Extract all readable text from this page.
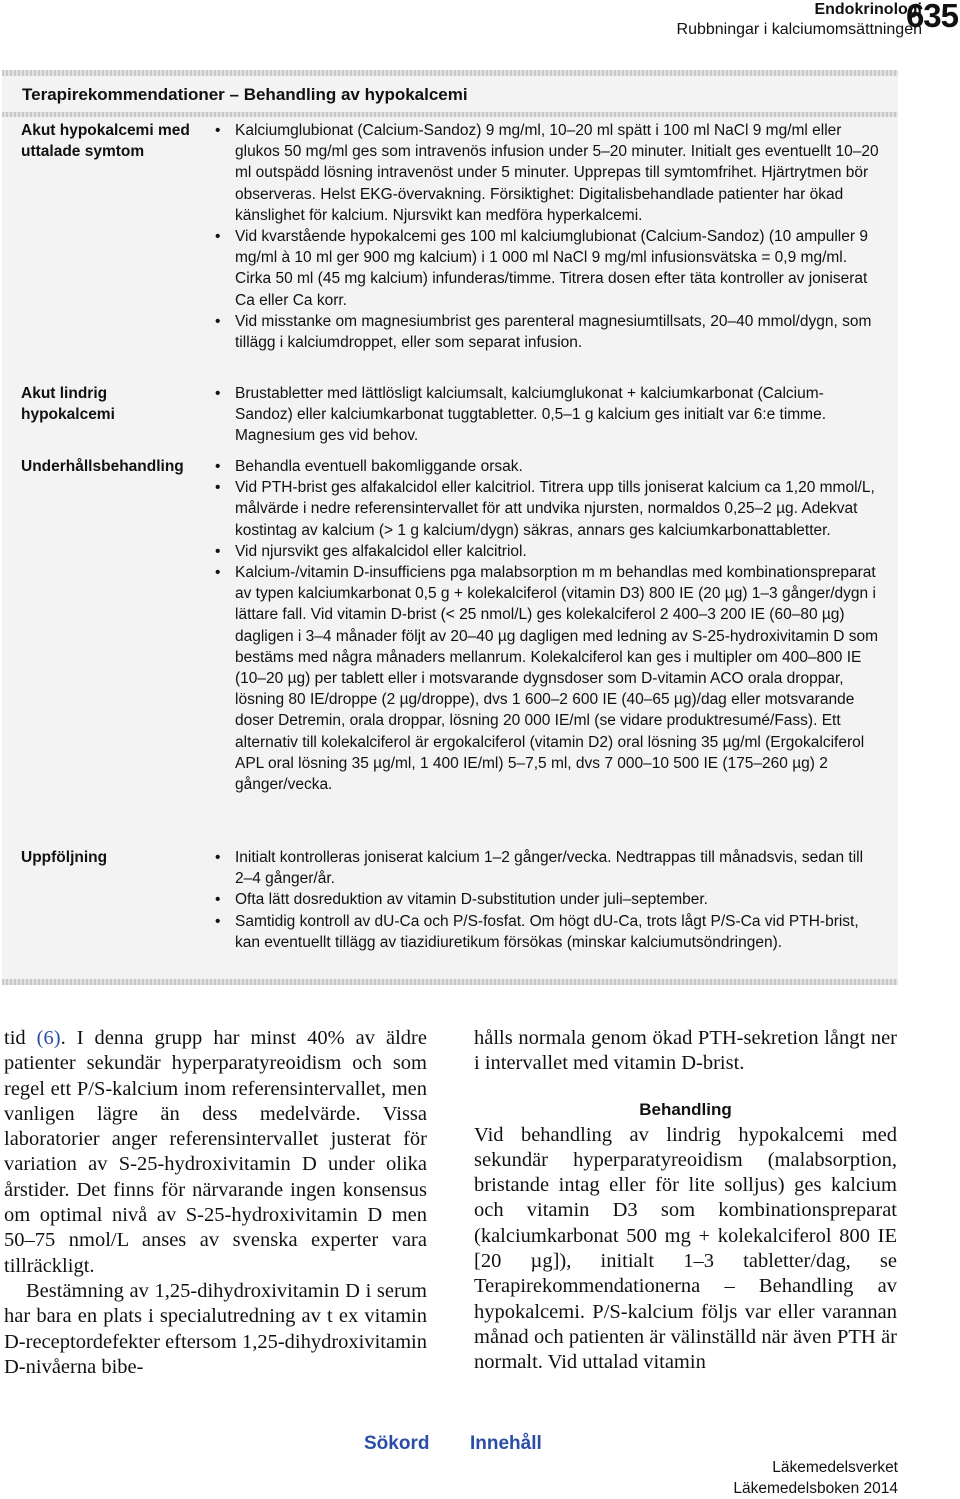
Endokrinologi
Rubbningar i kalciumomsättningen
635
Terapirekommendationer – Behandling av hypokalcemi
Akut hypokalcemi med uttalade symtom

• Kalciumglubionat (Calcium-Sandoz) 9 mg/ml, 10–20 ml spätt i 100 ml NaCl 9 mg/ml eller glukos 50 mg/ml ges som intravenös infusion under 5–20 minuter. Initialt ges eventuellt 10–20 ml outspädd lösning intravenöst under 5 minuter. Upprepas till symtomfrihet. Hjärtrytmen bör observeras. Helst EKG-övervakning. Försiktighet: Digitalisbehandlade patienter har ökad känslighet för kalcium. Njursvikt kan medföra hyperkalcemi.

• Vid kvarstående hypokalcemi ges 100 ml kalciumglubionat (Calcium-Sandoz) (10 ampuller 9 mg/ml à 10 ml ger 900 mg kalcium) i 1 000 ml NaCl 9 mg/ml infusionsvätska = 0,9 mg/ml. Cirka 50 ml (45 mg kalcium) infunderas/timme. Titrera dosen efter täta kontroller av joniserat Ca eller Ca korr.

• Vid misstanke om magnesiumbrist ges parenteral magnesiumtillsats, 20–40 mmol/dygn, som tillägg i kalciumdroppet, eller som separat infusion.

Akut lindrig hypokalcemi

• Brustabletter med lättlösligt kalciumsalt, kalciumglukonat + kalciumkarbonat (Calcium-Sandoz) eller kalciumkarbonat tuggtabletter. 0,5–1 g kalcium ges initialt var 6:e timme. Magnesium ges vid behov.

Underhållsbehandling	• Behandla eventuell bakomliggande orsak.

• Vid PTH-brist ges alfakalcidol eller kalcitriol. Titrera upp tills joniserat kalcium ca 1,20 mmol/L, målvärde i nedre referensintervallet för att undvika njursten, normaldos 0,25–2 µg. Adekvat kostintag av kalcium (> 1 g kalcium/dygn) säkras, annars ges kalciumkarbonattabletter.

• Vid njursvikt ges alfakalcidol eller kalcitriol.

• Kalcium-/vitamin D-insufficiens pga malabsorption m m behandlas med kombinationspreparat av typen kalciumkarbonat 0,5 g + kolekalciferol (vitamin D3) 800 IE (20 µg) 1–3 gånger/dygn i lättare fall. Vid vitamin D-brist (< 25 nmol/L) ges kolekalciferol 2 400–3 200 IE (60–80 µg) dagligen i 3–4 månader följt av 20–40 µg dagligen med ledning av S-25-hydroxivitamin D som bestäms med några månaders mellanrum. Kolekalciferol kan ges i multipler om 400–800 IE (10–20 µg) per tablett eller i motsvarande dygnsdoser som D-vitamin ACO orala droppar, lösning 80 IE/droppe (2 µg/droppe), dvs 1 600–2 600 IE (40–65 µg)/dag eller motsvarande doser Detremin, orala droppar, lösning 20 000 IE/ml (se vidare produktresumé/Fass). Ett alternativ till kolekalciferol är ergokalciferol (vitamin D2) oral lösning 35 µg/ml (Ergokalciferol APL oral lösning 35 µg/ml, 1 400 IE/ml) 5–7,5 ml, dvs 7 000–10 500 IE (175–260 µg) 2 gånger/vecka.

Uppföljning	• Initialt kontrolleras joniserat kalcium 1–2 gånger/vecka. Nedtrappas till månadsvis, sedan till 2–4 gånger/år.

• Ofta lätt dosreduktion av vitamin D-substitution under juli–september.

• Samtidig kontroll av dU-Ca och P/S-fosfat. Om högt dU-Ca, trots lågt P/S-Ca vid PTH-brist, kan eventuellt tillägg av tiazidiuretikum försökas (minskar kalciumutsöndringen).

tid (6). I denna grupp har minst 40% av äldre patienter sekundär hyperparatyreoidism och som regel ett P/S-kalcium inom referensintervallet, men vanligen lägre än dess medelvärde. Vissa laboratorier anger referensintervallet justerat för variation av S-25-hydroxivitamin D under olika årstider. Det finns för närvarande ingen konsensus om optimal nivå av S-25-hydroxivitamin D men 50–75 nmol/L anses av svenska experter vara tillräckligt.

Bestämning av 1,25-dihydroxivitamin D i serum har bara en plats i specialutredning av t ex vitamin D-receptordefekter eftersom 1,25-dihydroxivitamin D-nivåerna bibe-

hålls normala genom ökad PTH-sekretion långt ner i intervallet med vitamin D-brist.

Behandling

Vid behandling av lindrig hypokalcemi med sekundär hyperparatyreoidism (malabsorption, bristande intag eller för lite solljus) ges kalcium och vitamin D3 som kombinationspreparat (kalciumkarbonat 500 mg + kolekalciferol 800 IE [20 µg]), initialt 1–3 tabletter/dag, se Terapirekommendationerna – Behandling av hypokalcemi. P/S-kalcium följs var eller varannan månad och patienten är välinställd när även PTH är normalt. Vid uttalad vitamin

Sökord Innehåll
Läkemedelsverket
Läkemedelsboken 2014
